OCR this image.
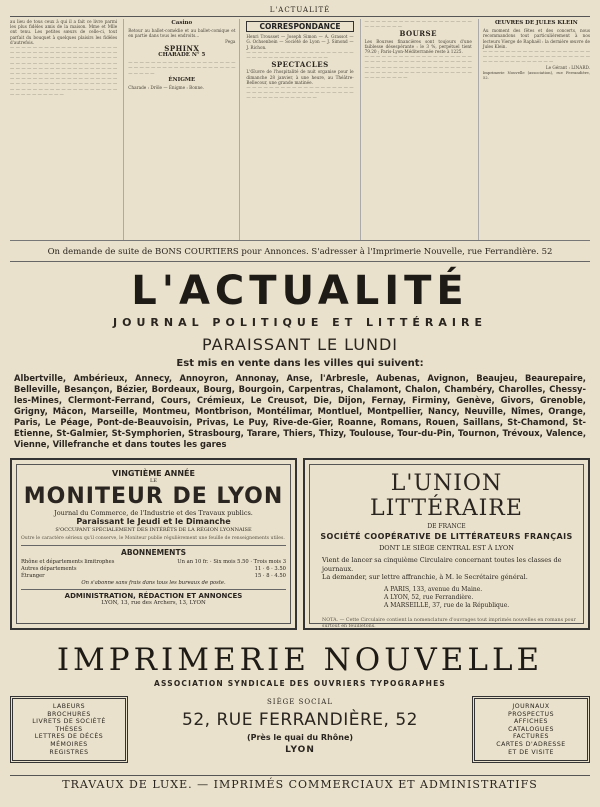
L'ACTUALITÉ

au lieu de tous ceux à qui il a fait ce livre parmi les plus fidèles amis de la maison. Mme et Mlle ont tenu. Les petites sœurs de celle-ci, tout parfait du bouquet à quelques plaisirs les fidèles d'autrefois.

— — — — — — — — — — — — — — — — — — — — — — — — — — — — — — — — — — — — — — — — — — — — — — — — — — — — — — — — — — — — — — — — — — — — — — — — — — — — — — — — — — — — — — — — — — — — — — — — — — — — — — — — — — — — — — — — — — — — — — — — — — — — — — — — — — — — — — — — — — — — — — — — — — — — — — — — — — — — — — — — — — — — — — — — — — — — — — — — — — — — —

Casino

Retour au ballet-comédie et au ballet-comique et en partie dans tous les endroits...

Pega

SPHINX
CHARADE N° 5

— — — — — — — — — — — — — — — — — — — — — — — — — — — — — — — — — — — — — — — — — — —

ÉNIGME

Charade : Drôle — Énigme : Bonne.

CORRESPONDANCE

Henri Trousset — Joseph Simon — A. Grassot — G. Ochsenbein — Société de Lyon — J. Simond — J. Richon.

— — — — — — — — — — — — — — — — — — — — — — — — — — — — — — — — — —

SPECTACLES

L'Œuvre de l'hospitalité de nuit organise pour le dimanche 28 janvier, à une heure, au Théâtre-Bellecour, une grande matinée.

— — — — — — — — — — — — — — — — — — — — — — — — — — — — — — — — — — — — — — — — — — — — — — — — — — —

— — — — — — — — — — — — — — — — — — — — — — — — — —

BOURSE

Les Bourses financières sont toujours d'une faiblesse désespérante : le 3 %, perpétuel tient 79.20 ; Paris-Lyon-Méditerranée reste à 1225.

— — — — — — — — — — — — — — — — — — — — — — — — — — — — — — — — — — — — — — — — — — — — — — — — — — — — — — — — — — — — — — — — — — — — — — — — — — — — — — — — — — — —

ŒUVRES DE JULES KLEIN

Au moment des fêtes et des concerts, nous recommandons tout particulièrement à nos lecteurs Vierge de Raphaël : la dernière œuvre de Jules Klein.

— — — — — — — — — — — — — — — — — — — — — — — — — — — — — — — — — — — — — — — — — — — — — — — — — — —

Le Gérant : LINARD.

Imprimerie Nouvelle (association), rue Ferrandière, 52.

On demande de suite de BONS COURTIERS pour Annonces. S'adresser à l'Imprimerie Nouvelle, rue Ferrandière. 52
L'ACTUALITÉ
JOURNAL POLITIQUE ET LITTÉRAIRE
PARAISSANT LE LUNDI
Est mis en vente dans les villes qui suivent:
Albertville, Ambérieux, Annecy, Annoyron, Annonay, Anse, l'Arbresle, Aubenas, Avignon, Beaujeu, Beaurepaire, Belleville, Besançon, Bézier, Bordeaux, Bourg, Bourgoin, Carpentras, Chalamont, Chalon, Chambéry, Charolles, Chessy-les-Mines, Clermont-Ferrand, Cours, Crémieux, Le Creusot, Die, Dijon, Fernay, Firminy, Genève, Givors, Grenoble, Grigny, Mâcon, Marseille, Montmeu, Montbrison, Montélimar, Montluel, Montpellier, Nancy, Neuville, Nîmes, Orange, Paris, Le Péage, Pont-de-Beauvoisin, Privas, Le Puy, Rive-de-Gier, Roanne, Romans, Rouen, Saillans, St-Chamond, St-Etienne, St-Galmier, St-Symphorien, Strasbourg, Tarare, Thiers, Thizy, Toulouse, Tour-du-Pin, Tournon, Trévoux, Valence, Vienne, Villefranche et dans toutes les gares
VINGTIÈME ANNÉE
LE
MONITEUR DE LYON
Journal du Commerce, de l'Industrie et des Travaux publics.
Paraissant le Jeudi et le Dimanche
S'OCCUPANT SPÉCIALEMENT DES INTÉRÊTS DE LA RÉGION LYONNAISE
Outre le caractère sérieux qu'il conserve, le Moniteur publie régulièrement une feuille de renseignements utiles.
ABONNEMENTS
Rhône et départements limitrophes	Un an 10 fr. · Six mois 5.50 · Trois mois 3
Autres départements	11 · 6 · 3.50
Étranger	15 · 8 · 4.50
On s'abonne sans frais dans tous les bureaux de poste.
ADMINISTRATION, RÉDACTION ET ANNONCES
LYON, 13, rue des Archers, 13, LYON
L'UNION LITTÉRAIRE
DE FRANCE
SOCIÉTÉ COOPÉRATIVE DE LITTÉRATEURS FRANÇAIS
DONT LE SIÈGE CENTRAL EST À LYON
Vient de lancer sa cinquième Circulaire concernant toutes les classes de journaux.
La demander, sur lettre affranchie, à M. le Secrétaire général.
A PARIS, 133, avenue du Maine.
A LYON, 52, rue Ferrandière.
A MARSEILLE, 37, rue de la République.
NOTA. — Cette Circulaire contient la nomenclature d'ouvrages tout imprimés nouvelles en romans pour surtout en feuilletons.
IMPRIMERIE NOUVELLE
ASSOCIATION SYNDICALE DES OUVRIERS TYPOGRAPHES
LABEURS
BROCHURES
LIVRETS DE SOCIÉTÉ
THÈSES
LETTRES DE DÉCÈS
MÉMOIRES
REGISTRES
SIÈGE SOCIAL
52, RUE FERRANDIÈRE, 52
(Près le quai du Rhône)
LYON
JOURNAUX
PROSPECTUS
AFFICHES
CATALOGUES
FACTURES
CARTES D'ADRESSE
ET DE VISITE
TRAVAUX DE LUXE. — IMPRIMÉS COMMERCIAUX ET ADMINISTRATIFS
